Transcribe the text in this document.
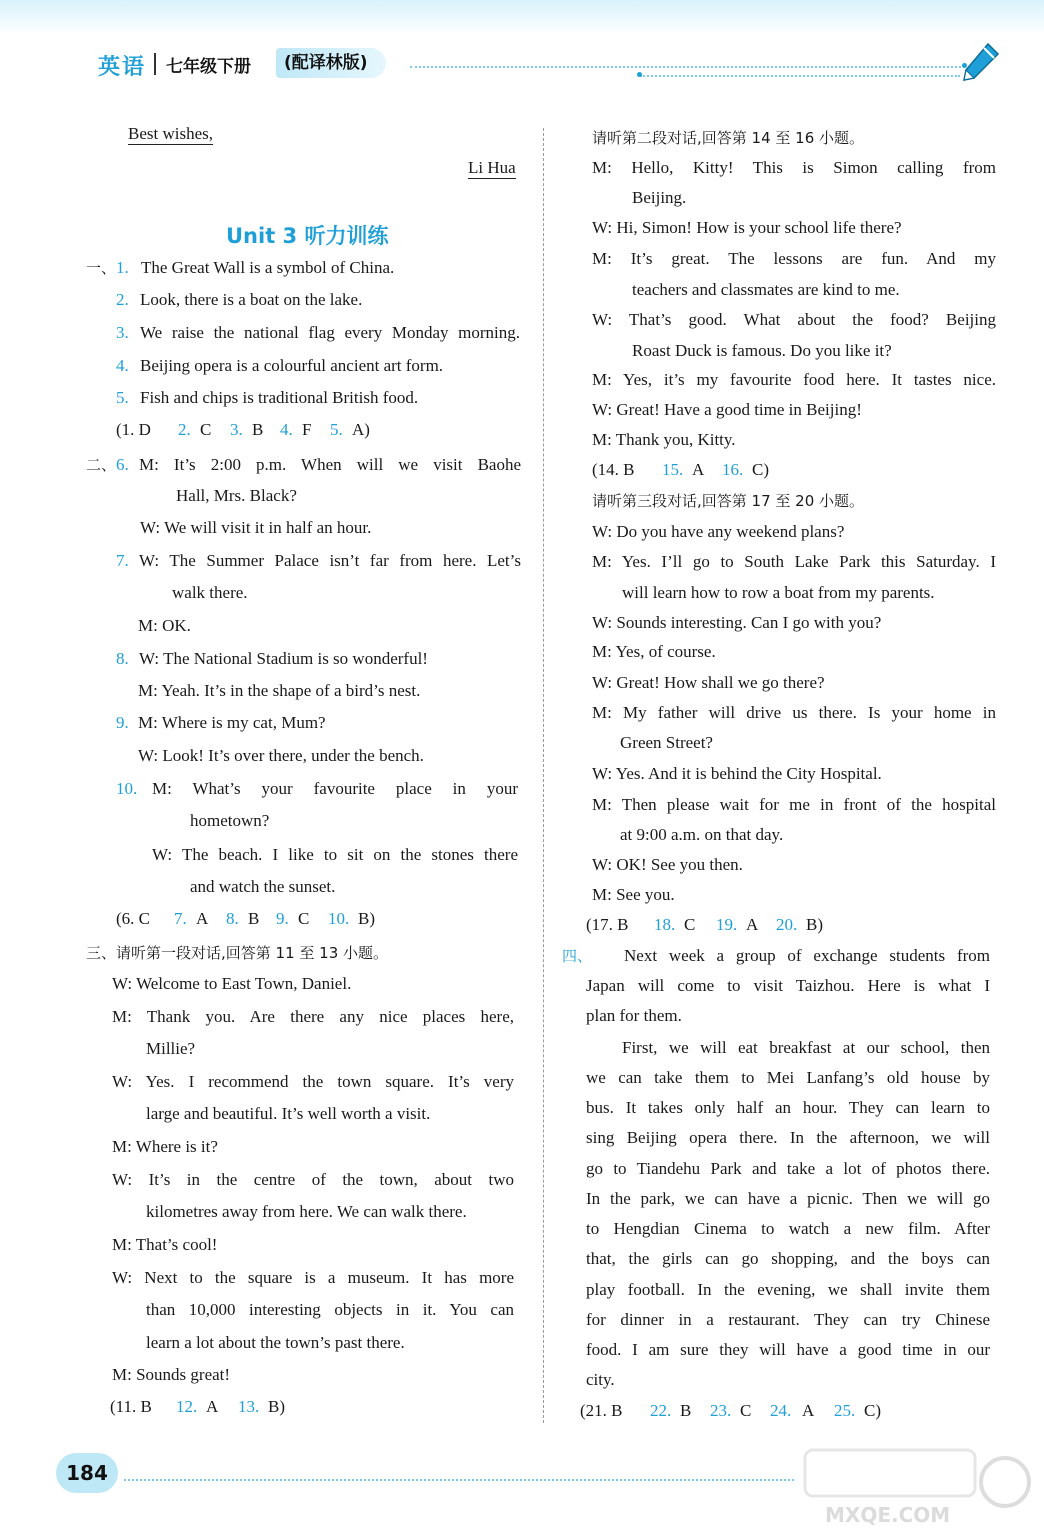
英语 七年级下册	(配译林版)
Unit 3 听力训练
Best wishes,
Li Hua
一、 1. The Great Wall is a symbol of China.
2. Look, there is a boat on the lake.
3. We raise the national flag every Monday morning.
4. Beijing opera is a colourful ancient art form.
5. Fish and chips is traditional British food.
(1. D 2. C 3. B 4. F 5. A)
二、 6. M: It’s 2:00 p.m. When will we visit Baohe
Hall, Mrs. Black?
W: We will visit it in half an hour.
7. W: The Summer Palace isn’t far from here. Let’s
walk there.
M: OK.
8. W: The National Stadium is so wonderful!
M: Yeah. It’s in the shape of a bird’s nest.
9. M: Where is my cat, Mum?
W: Look! It’s over there, under the bench.
10. M: What’s your favourite place in your
hometown?
W: The beach. I like to sit on the stones there
and watch the sunset.
(6. C 7. A 8. B 9. C 10. B)
三、请听第一段对话,回答第 11 至 13 小题。
W: Welcome to East Town, Daniel.
M: Thank you. Are there any nice places here,
Millie?
W: Yes. I recommend the town square. It’s very
large and beautiful. It’s well worth a visit.
M: Where is it?
W: It’s in the centre of the town, about two
kilometres away from here. We can walk there.
M: That’s cool!
W: Next to the square is a museum. It has more
than 10,000 interesting objects in it. You can
learn a lot about the town’s past there.
M: Sounds great!
(11. B 12. A 13. B)
请听第二段对话,回答第 14 至 16 小题。
M: Hello, Kitty! This is Simon calling from
Beijing.
W: Hi, Simon! How is your school life there?
M: It’s great. The lessons are fun. And my
teachers and classmates are kind to me.
W: That’s good. What about the food? Beijing
Roast Duck is famous. Do you like it?
M: Yes, it’s my favourite food here. It tastes nice.
W: Great! Have a good time in Beijing!
M: Thank you, Kitty.
(14. B 15. A 16. C)
请听第三段对话,回答第 17 至 20 小题。
W: Do you have any weekend plans?
M: Yes. I’ll go to South Lake Park this Saturday. I
will learn how to row a boat from my parents.
W: Sounds interesting. Can I go with you?
M: Yes, of course.
W: Great! How shall we go there?
M: My father will drive us there. Is your home in
Green Street?
W: Yes. And it is behind the City Hospital.
M: Then please wait for me in front of the hospital
at 9:00 a.m. on that day.
W: OK! See you then.
M: See you.
(17. B 18. C 19. A 20. B)
四、 Next week a group of exchange students from
Japan will come to visit Taizhou. Here is what I
plan for them.
First, we will eat breakfast at our school, then
we can take them to Mei Lanfang’s old house by
bus. It takes only half an hour. They can learn to
sing Beijing opera there. In the afternoon, we will
go to Tiandehu Park and take a lot of photos there.
In the park, we can have a picnic. Then we will go
to Hengdian Cinema to watch a new film. After
that, the girls can go shopping, and the boys can
play football. In the evening, we shall invite them
for dinner in a restaurant. They can try Chinese
food. I am sure they will have a good time in our
city.
(21. B 22. B 23. C 24. A 25. C)
184
MXQE.COM
